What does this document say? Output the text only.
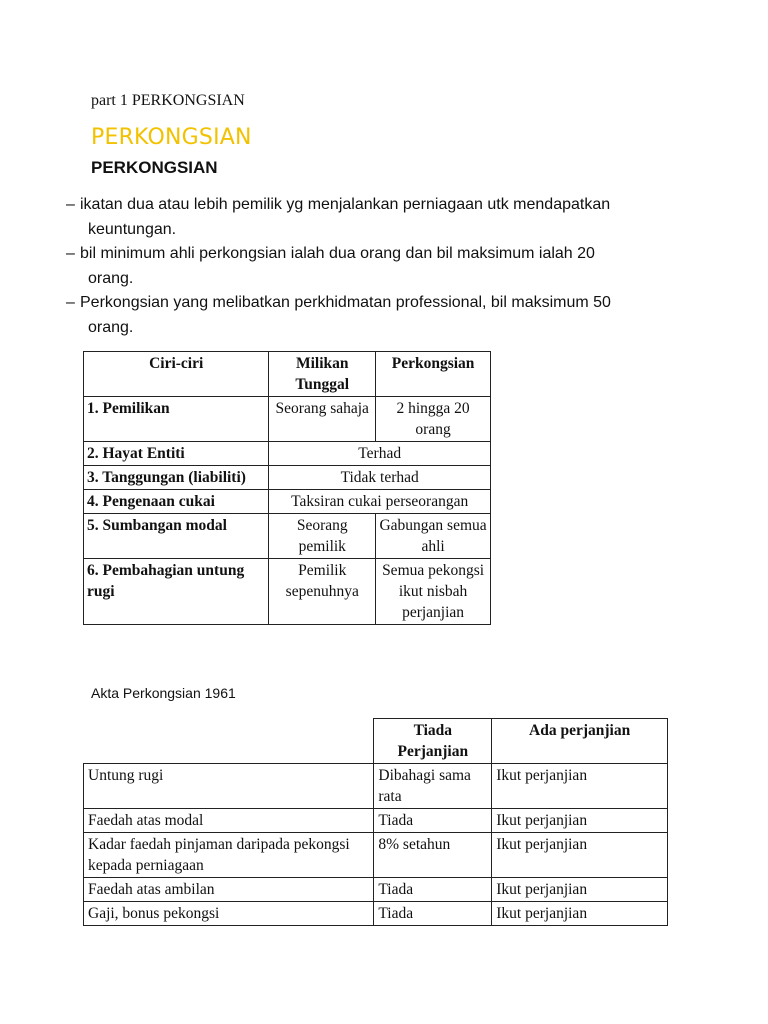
part 1 PERKONGSIAN
PERKONGSIAN
PERKONGSIAN
– ikatan dua atau lebih pemilik yg menjalankan perniagaan utk mendapatkan
keuntungan.
– bil minimum ahli perkongsian ialah dua orang dan bil maksimum ialah 20
orang.
– Perkongsian yang melibatkan perkhidmatan professional, bil maksimum 50
orang.
Ciri-ciri	Milikan Tunggal	Perkongsian
1. Pemilikan	Seorang sahaja	2 hingga 20 orang
2. Hayat Entiti	Terhad	
3. Tanggungan (liabiliti)	Tidak terhad	
4. Pengenaan cukai	Taksiran cukai perseorangan	
5. Sumbangan modal	Seorang pemilik	Gabungan semua ahli
6. Pembahagian untung rugi	Pemilik sepenuhnya	Semua pekongsi ikut nisbah perjanjian
Akta Perkongsian 1961
	Tiada Perjanjian	Ada perjanjian
Untung rugi	Dibahagi sama rata	Ikut perjanjian
Faedah atas modal	Tiada	Ikut perjanjian
Kadar faedah pinjaman daripada pekongsi kepada perniagaan	8% setahun	Ikut perjanjian
Faedah atas ambilan	Tiada	Ikut perjanjian
Gaji, bonus pekongsi	Tiada	Ikut perjanjian
